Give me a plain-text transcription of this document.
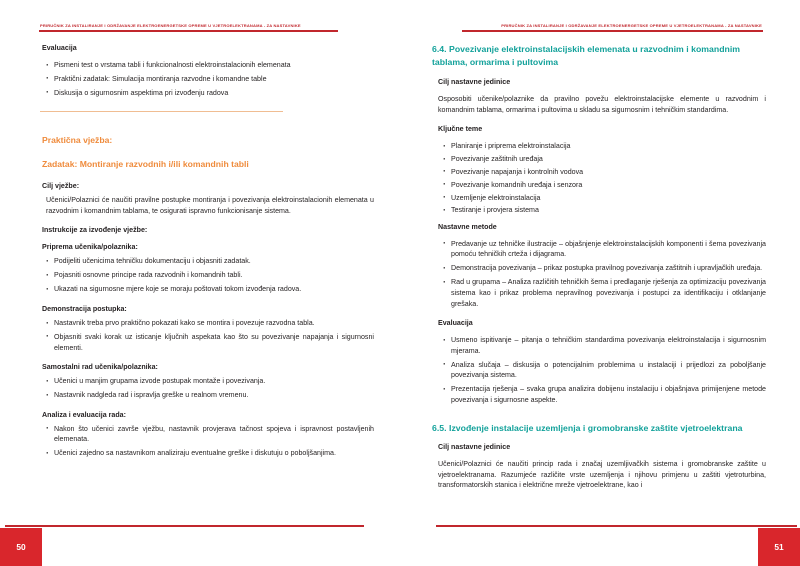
PRIRUČNIK ZA INSTALIRANJE I ODRŽAVANJE ELEKTROENERGETSKE OPREME U VJETROELEKTRANAMA - ZA NASTAVNIKE
Evaluacija
· Pismeni test o vrstama tabli i funkcionalnosti elektroinstalacionih elemenata
· Praktični zadatak: Simulacija montiranja razvodne i komandne table
· Diskusija o sigurnosnim aspektima pri izvođenju radova
Praktična vježba:
Zadatak: Montiranje razvodnih i/ili komandnih tabli
Cilj vježbe:

Učenici/Polaznici će naučiti pravilne postupke montiranja i povezivanja elektroinstalacionih elemenata u razvodnim i komandnim tablama, te osigurati ispravno funkcionisanje sistema.

Instrukcije za izvođenje vježbe:
Priprema učenika/polaznika:
· Podijeliti učenicima tehničku dokumentaciju i objasniti zadatak.
· Pojasniti osnovne principe rada razvodnih i komandnih tabli.
· Ukazati na sigurnosne mjere koje se moraju poštovati tokom izvođenja radova.
Demonstracija postupka:
· Nastavnik treba prvo praktično pokazati kako se montira i povezuje razvodna tabla.
· Objasniti svaki korak uz isticanje ključnih aspekata kao što su povezivanje napajanja i sigurnosni elementi.
Samostalni rad učenika/polaznika:
· Učenici u manjim grupama izvode postupak montaže i povezivanja.
· Nastavnik nadgleda rad i ispravlja greške u realnom vremenu.
Analiza i evaluacija rada:
· Nakon što učenici završe vježbu, nastavnik provjerava tačnost spojeva i ispravnost postavljenih elemenata.
· Učenici zajedno sa nastavnikom analiziraju eventualne greške i diskutuju o poboljšanjima.
50
PRIRUČNIK ZA INSTALIRANJE I ODRŽAVANJE ELEKTROENERGETSKE OPREME U VJETROELEKTRANAMA - ZA NASTAVNIKE
6.4. Povezivanje elektroinstalacijskih elemenata u razvodnim i komandnim tablama, ormarima i pultovima
Cilj nastavne jedinice

Osposobiti učenike/polaznike da pravilno povežu elektroinstalacijske elemente u razvodnim i komandnim tablama, ormarima i pultovima u skladu sa sigurnosnim i tehničkim standardima.

Ključne teme
· Planiranje i priprema elektroinstalacija
· Povezivanje zaštitnih uređaja
· Povezivanje napajanja i kontrolnih vodova
· Povezivanje komandnih uređaja i senzora
· Uzemljenje elektroinstalacija
· Testiranje i provjera sistema
Nastavne metode
· Predavanje uz tehničke ilustracije – objašnjenje elektroinstalacijskih komponenti i šema povezivanja pomoću tehničkih crteža i dijagrama.
· Demonstracija povezivanja – prikaz postupka pravilnog povezivanja zaštitnih i upravljačkih uređaja.
· Rad u grupama – Analiza različitih tehničkih šema i predlaganje rješenja za optimizaciju povezivanja sistema kao i prikaz problema nepravilnog povezivanja i postupci za identifikaciju i otklanjanje grešaka.
Evaluacija
· Usmeno ispitivanje – pitanja o tehničkim standardima povezivanja elektroinstalacija i sigurnosnim mjerama.
· Analiza slučaja – diskusija o potencijalnim problemima u instalaciji i prijedlozi za poboljšanje povezivanja sistema.
· Prezentacija rješenja – svaka grupa analizira dobijenu instalaciju i objašnjava primijenjene metode povezivanja i sigurnosne aspekte.
6.5. Izvođenje instalacije uzemljenja i gromobranske zaštite vjetroelektrana
Cilj nastavne jedinice

Učenici/Polaznici će naučiti princip rada i značaj uzemljivačkih sistema i gromobranske zaštite u vjetroelektranama. Razumjeće različite vrste uzemljenja i njihovu primjenu u zaštiti vjetroturbina, transformatorskih stanica i električne mreže vjetroelektrane, kao i

51
